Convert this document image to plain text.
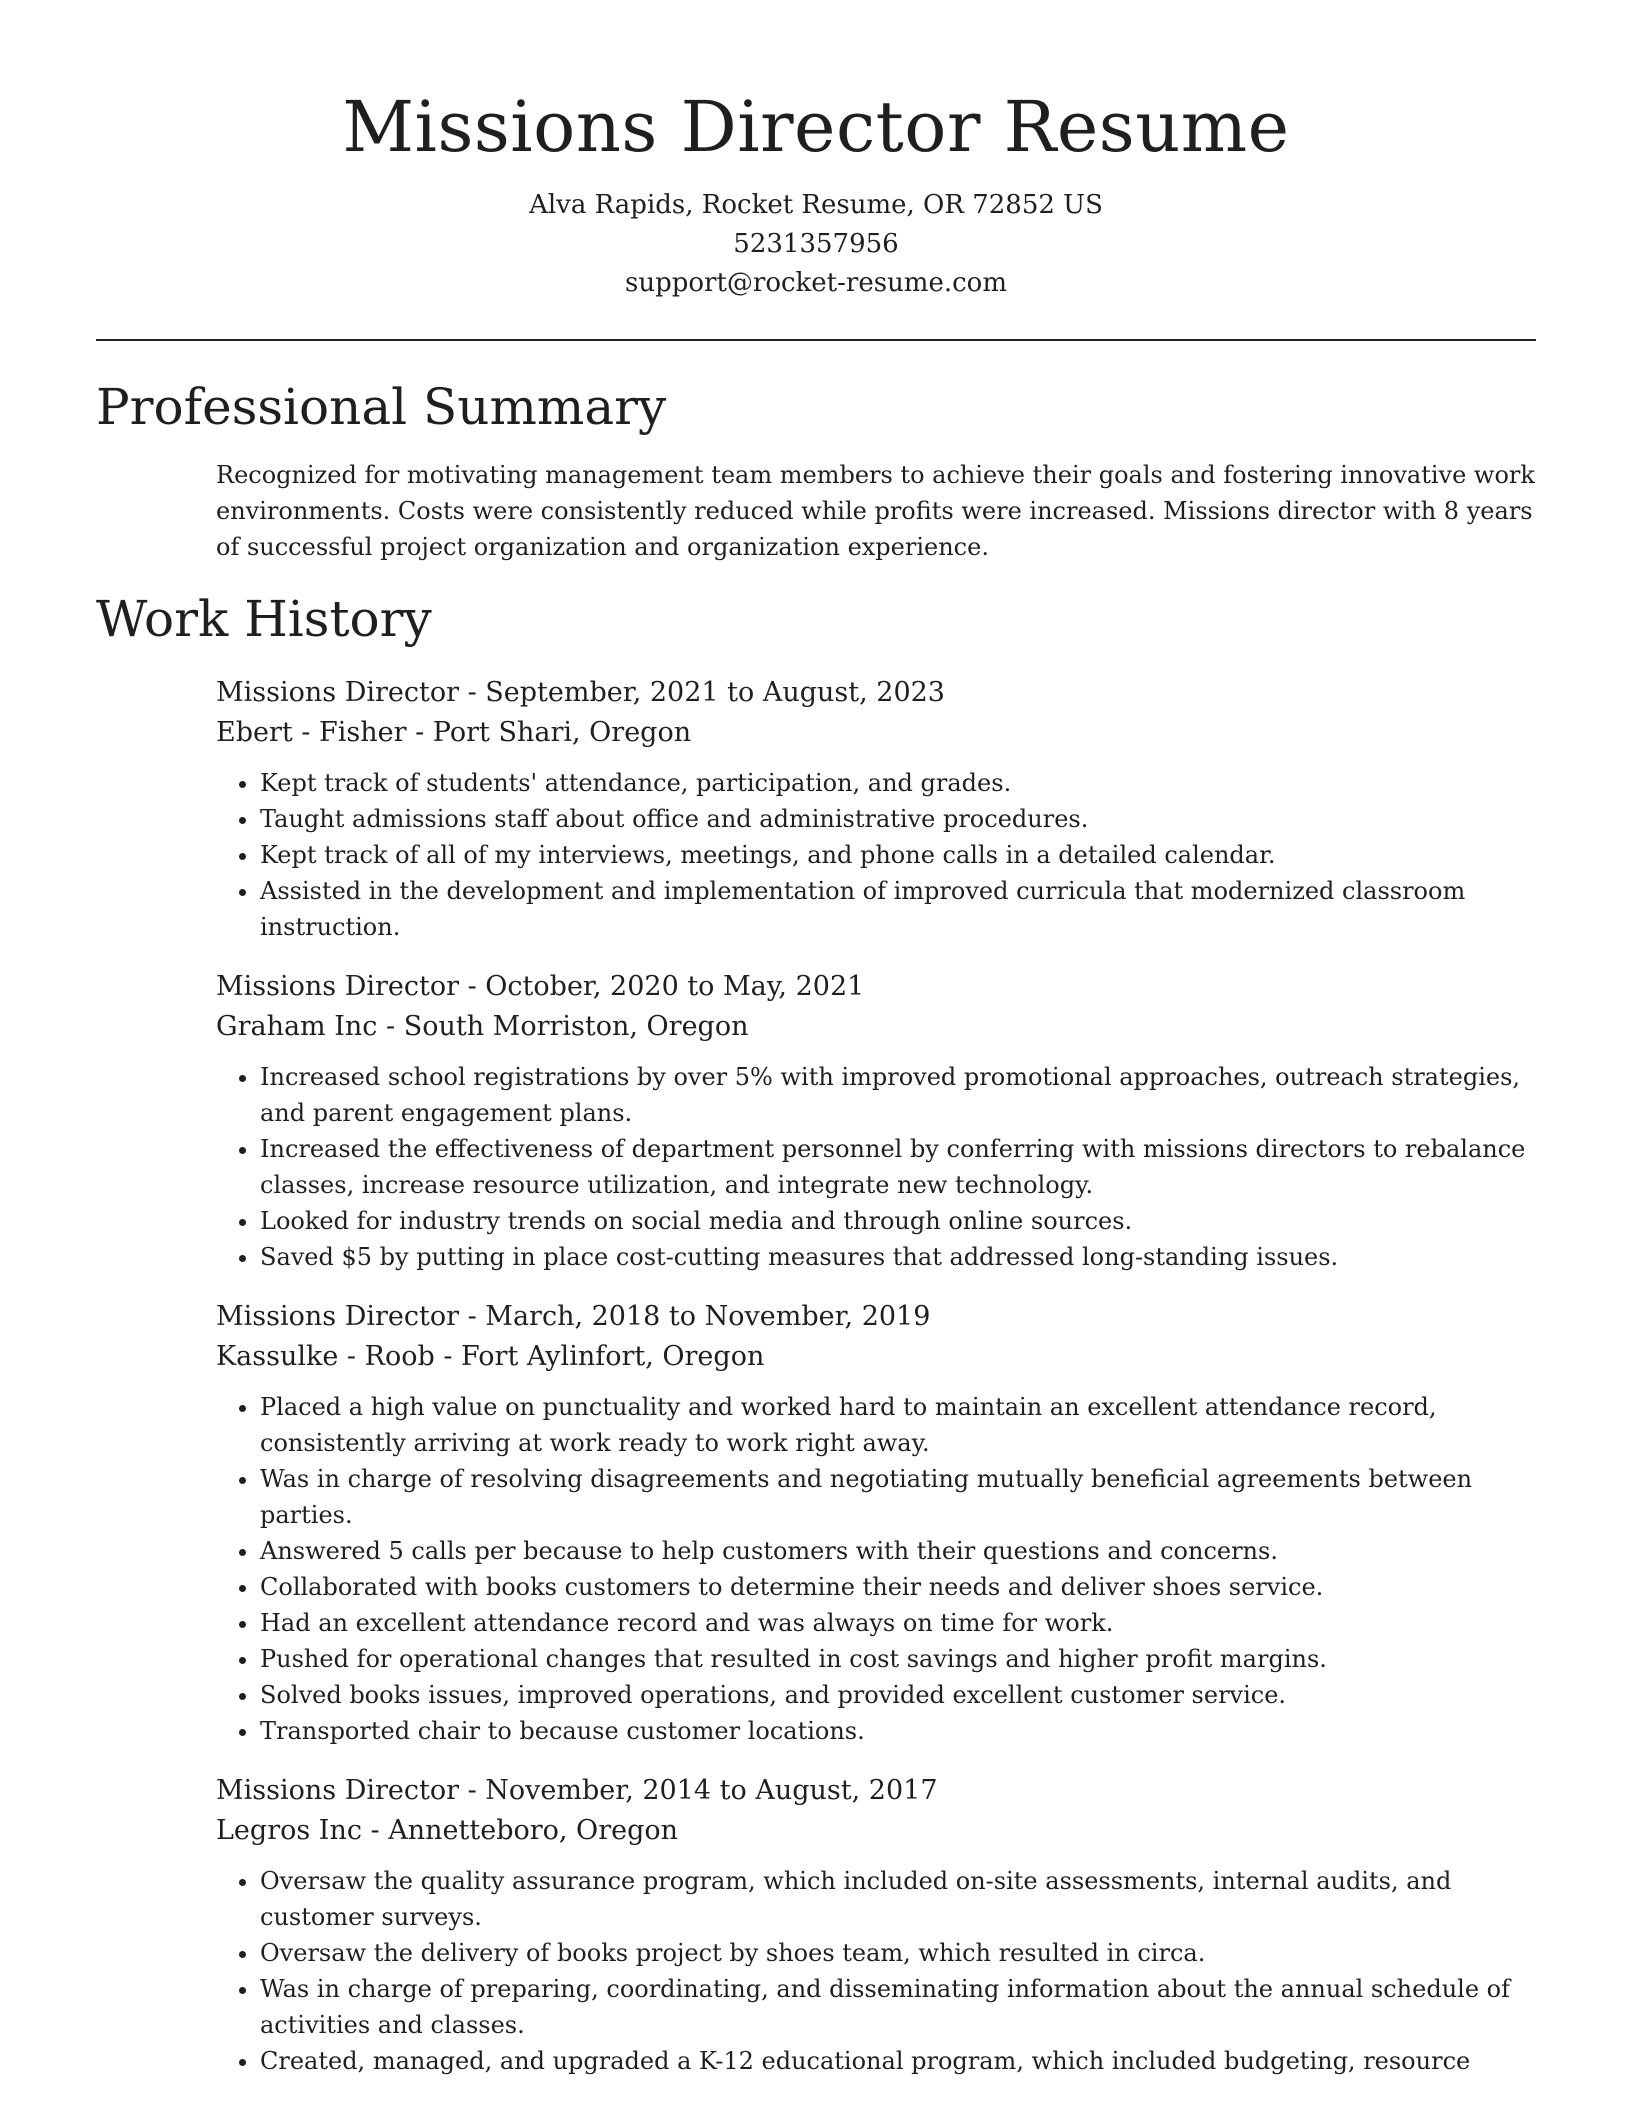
Missions Director Resume
Alva Rapids, Rocket Resume, OR 72852 US
5231357956
support@rocket-resume.com
Professional Summary

Recognized for motivating management team members to achieve their goals and fostering innovative work environments. Costs were consistently reduced while profits were increased. Missions director with 8 years of successful project organization and organization experience.

Work History
Missions Director - September, 2021 to August, 2023
Ebert - Fisher - Port Shari, Oregon
• Kept track of students' attendance, participation, and grades.
• Taught admissions staff about office and administrative procedures.
• Kept track of all of my interviews, meetings, and phone calls in a detailed calendar.
• Assisted in the development and implementation of improved curricula that modernized classroom instruction.
Missions Director - October, 2020 to May, 2021
Graham Inc - South Morriston, Oregon
• Increased school registrations by over 5% with improved promotional approaches, outreach strategies, and parent engagement plans.
• Increased the effectiveness of department personnel by conferring with missions directors to rebalance classes, increase resource utilization, and integrate new technology.
• Looked for industry trends on social media and through online sources.
• Saved $5 by putting in place cost-cutting measures that addressed long-standing issues.
Missions Director - March, 2018 to November, 2019
Kassulke - Roob - Fort Aylinfort, Oregon
• Placed a high value on punctuality and worked hard to maintain an excellent attendance record, consistently arriving at work ready to work right away.
• Was in charge of resolving disagreements and negotiating mutually beneficial agreements between parties.
• Answered 5 calls per because to help customers with their questions and concerns.
• Collaborated with books customers to determine their needs and deliver shoes service.
• Had an excellent attendance record and was always on time for work.
• Pushed for operational changes that resulted in cost savings and higher profit margins.
• Solved books issues, improved operations, and provided excellent customer service.
• Transported chair to because customer locations.
Missions Director - November, 2014 to August, 2017
Legros Inc - Annetteboro, Oregon
• Oversaw the quality assurance program, which included on-site assessments, internal audits, and customer surveys.
• Oversaw the delivery of books project by shoes team, which resulted in circa.
• Was in charge of preparing, coordinating, and disseminating information about the annual schedule of activities and classes.
• Created, managed, and upgraded a K-12 educational program, which included budgeting, resource
